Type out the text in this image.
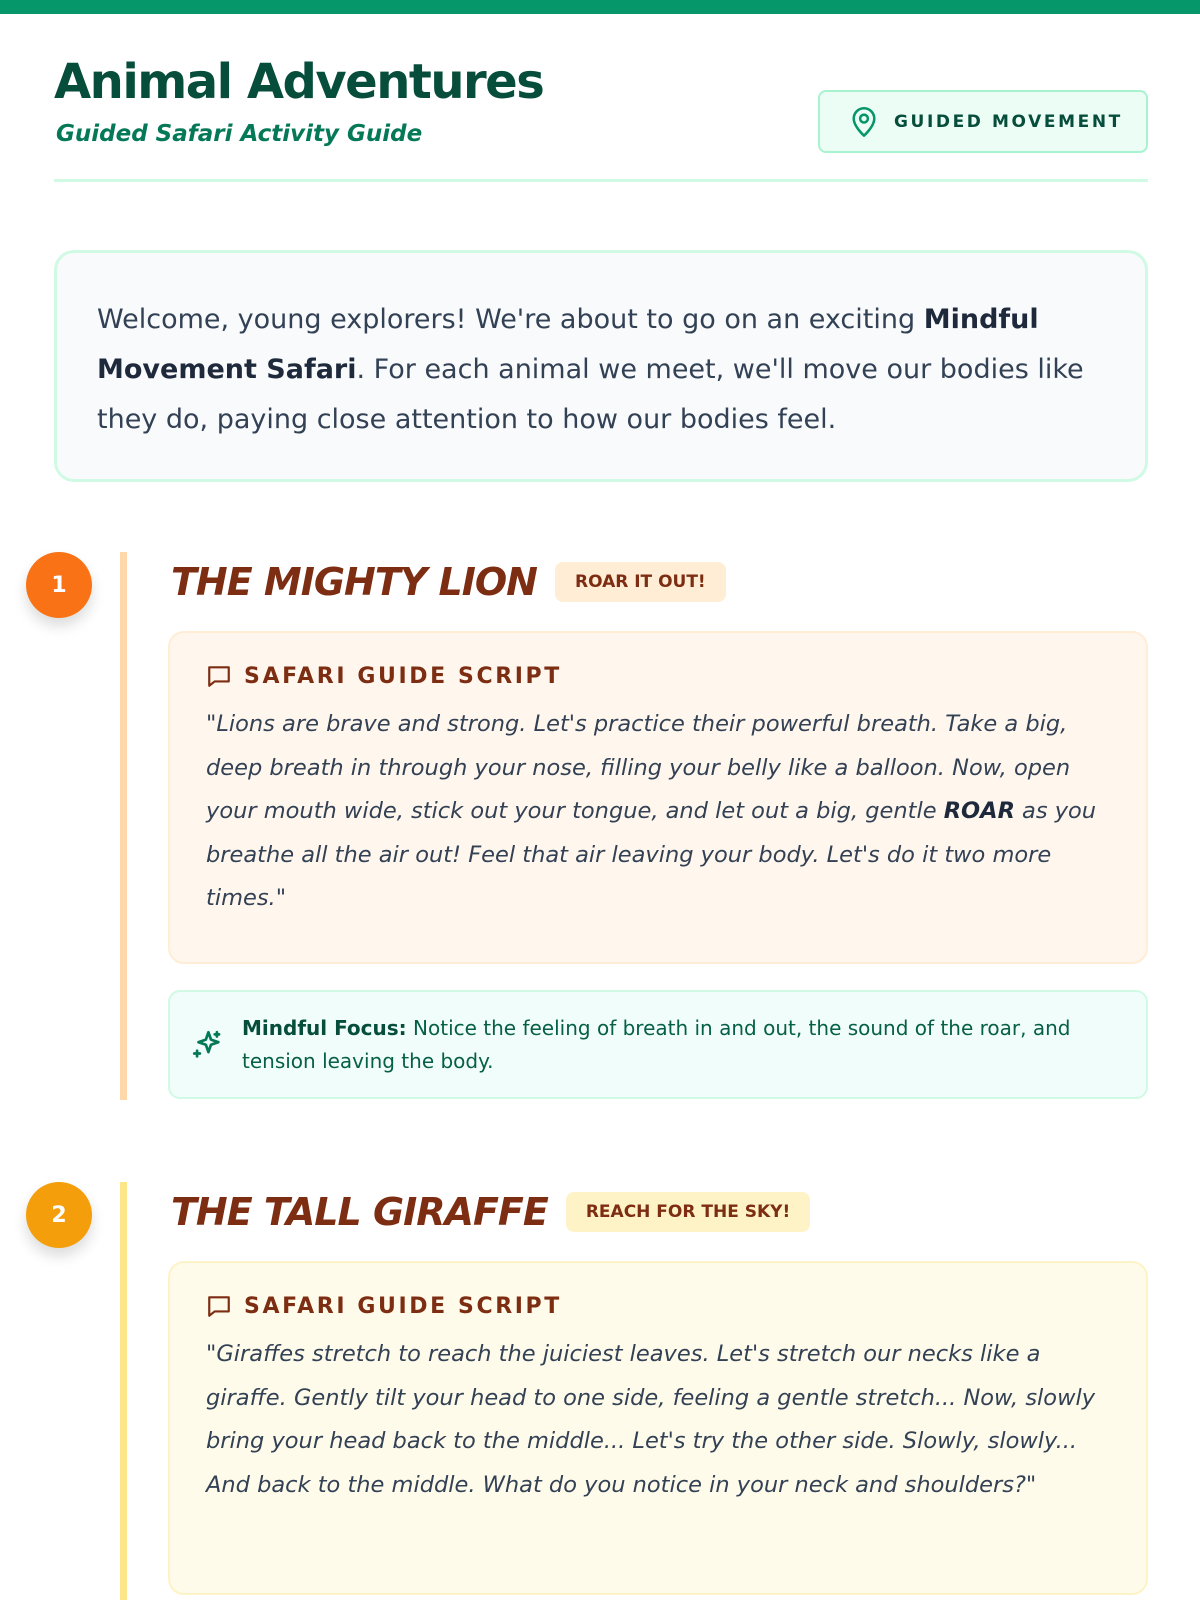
Animal Adventures
Guided Safari Activity Guide	GUIDED MOVEMENT

Welcome, young explorers! We're about to go on an exciting Mindful Movement Safari. For each animal we meet, we'll move our bodies like they do, paying close attention to how our bodies feel.

1	THE MIGHTY LION	ROAR IT OUT!
SAFARI GUIDE SCRIPT

"Lions are brave and strong. Let's practice their powerful breath. Take a big, deep breath in through your nose, filling your belly like a balloon. Now, open your mouth wide, stick out your tongue, and let out a big, gentle ROAR as you breathe all the air out! Feel that air leaving your body. Let's do it two more times."

Mindful Focus: Notice the feeling of breath in and out, the sound of the roar, and tension leaving the body.

2	THE TALL GIRAFFE	REACH FOR THE SKY!
SAFARI GUIDE SCRIPT

"Giraffes stretch to reach the juiciest leaves. Let's stretch our necks like a giraffe. Gently tilt your head to one side, feeling a gentle stretch... Now, slowly bring your head back to the middle... Let's try the other side. Slowly, slowly... And back to the middle. What do you notice in your neck and shoulders?"
